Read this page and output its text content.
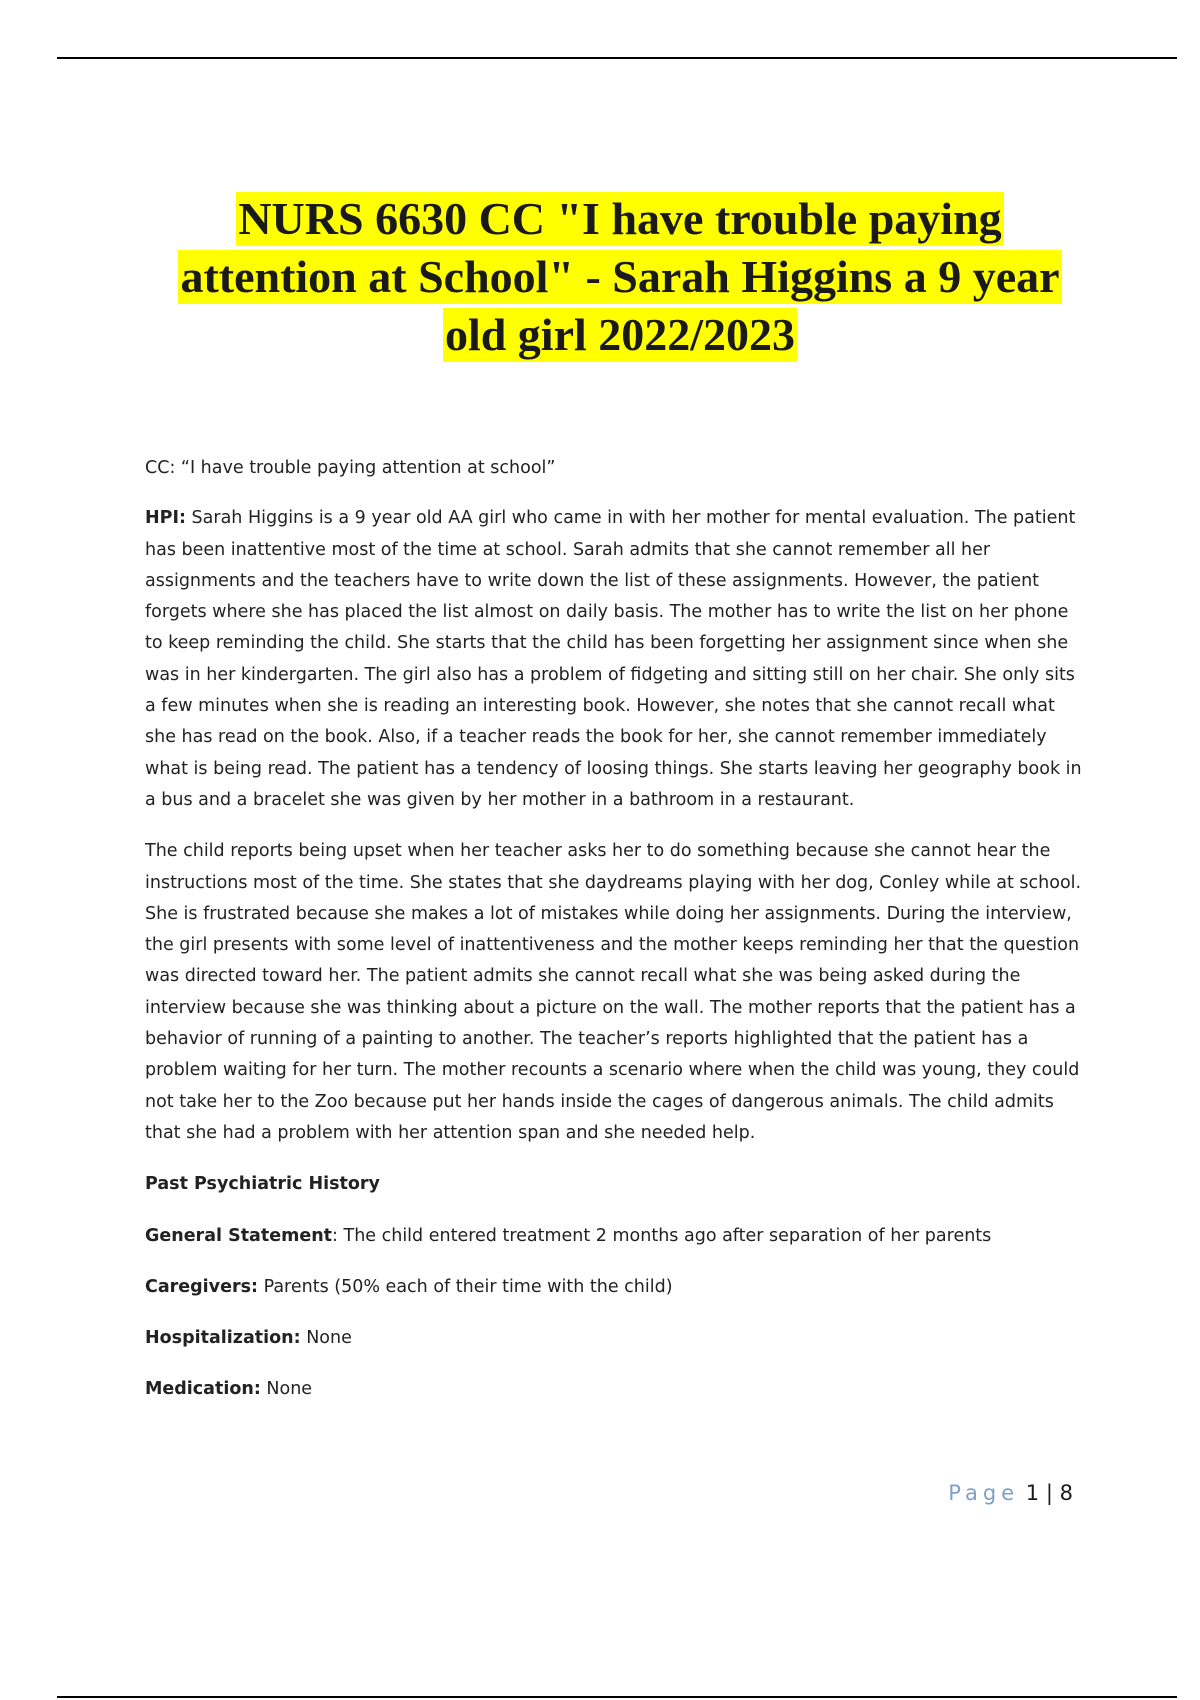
NURS 6630 CC "I have trouble paying
attention at School" - Sarah Higgins a 9 year
old girl 2022/2023

CC: “I have trouble paying attention at school”

HPI: Sarah Higgins is a 9 year old AA girl who came in with her mother for mental evaluation. The patient has been inattentive most of the time at school. Sarah admits that she cannot remember all her assignments and the teachers have to write down the list of these assignments. However, the patient forgets where she has placed the list almost on daily basis. The mother has to write the list on her phone to keep reminding the child. She starts that the child has been forgetting her assignment since when she was in her kindergarten. The girl also has a problem of fidgeting and sitting still on her chair. She only sits a few minutes when she is reading an interesting book. However, she notes that she cannot recall what she has read on the book. Also, if a teacher reads the book for her, she cannot remember immediately what is being read. The patient has a tendency of loosing things. She starts leaving her geography book in a bus and a bracelet she was given by her mother in a bathroom in a restaurant.

The child reports being upset when her teacher asks her to do something because she cannot hear the instructions most of the time. She states that she daydreams playing with her dog, Conley while at school. She is frustrated because she makes a lot of mistakes while doing her assignments. During the interview, the girl presents with some level of inattentiveness and the mother keeps reminding her that the question was directed toward her. The patient admits she cannot recall what she was being asked during the interview because she was thinking about a picture on the wall. The mother reports that the patient has a behavior of running of a painting to another. The teacher’s reports highlighted that the patient has a problem waiting for her turn. The mother recounts a scenario where when the child was young, they could not take her to the Zoo because put her hands inside the cages of dangerous animals. The child admits that she had a problem with her attention span and she needed help.

Past Psychiatric History

General Statement: The child entered treatment 2 months ago after separation of her parents

Caregivers: Parents (50% each of their time with the child)

Hospitalization: None

Medication: None

Page 1 | 8
